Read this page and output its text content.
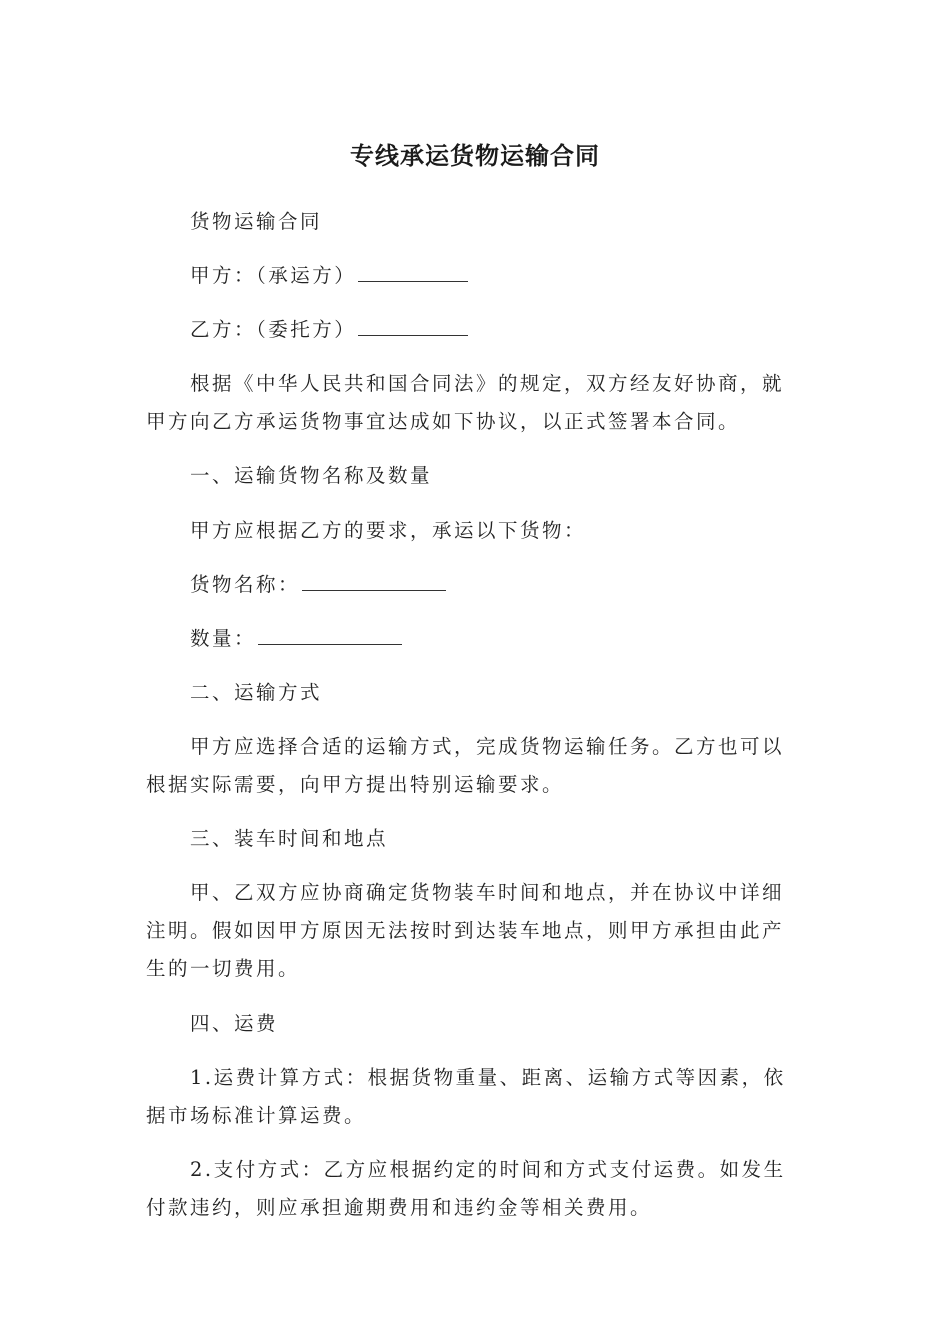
专线承运货物运输合同
货物运输合同
甲方：（承运方）
乙方：（委托方）
根据《中华人民共和国合同法》的规定，双方经友好协商，就甲方向乙方承运货物事宜达成如下协议，以正式签署本合同。
一、运输货物名称及数量
甲方应根据乙方的要求，承运以下货物：
货物名称：
数量：
二、运输方式
甲方应选择合适的运输方式，完成货物运输任务。乙方也可以根据实际需要，向甲方提出特别运输要求。
三、装车时间和地点
甲、乙双方应协商确定货物装车时间和地点，并在协议中详细注明。假如因甲方原因无法按时到达装车地点，则甲方承担由此产生的一切费用。
四、运费
1.运费计算方式：根据货物重量、距离、运输方式等因素，依据市场标准计算运费。
2.支付方式：乙方应根据约定的时间和方式支付运费。如发生付款违约，则应承担逾期费用和违约金等相关费用。
